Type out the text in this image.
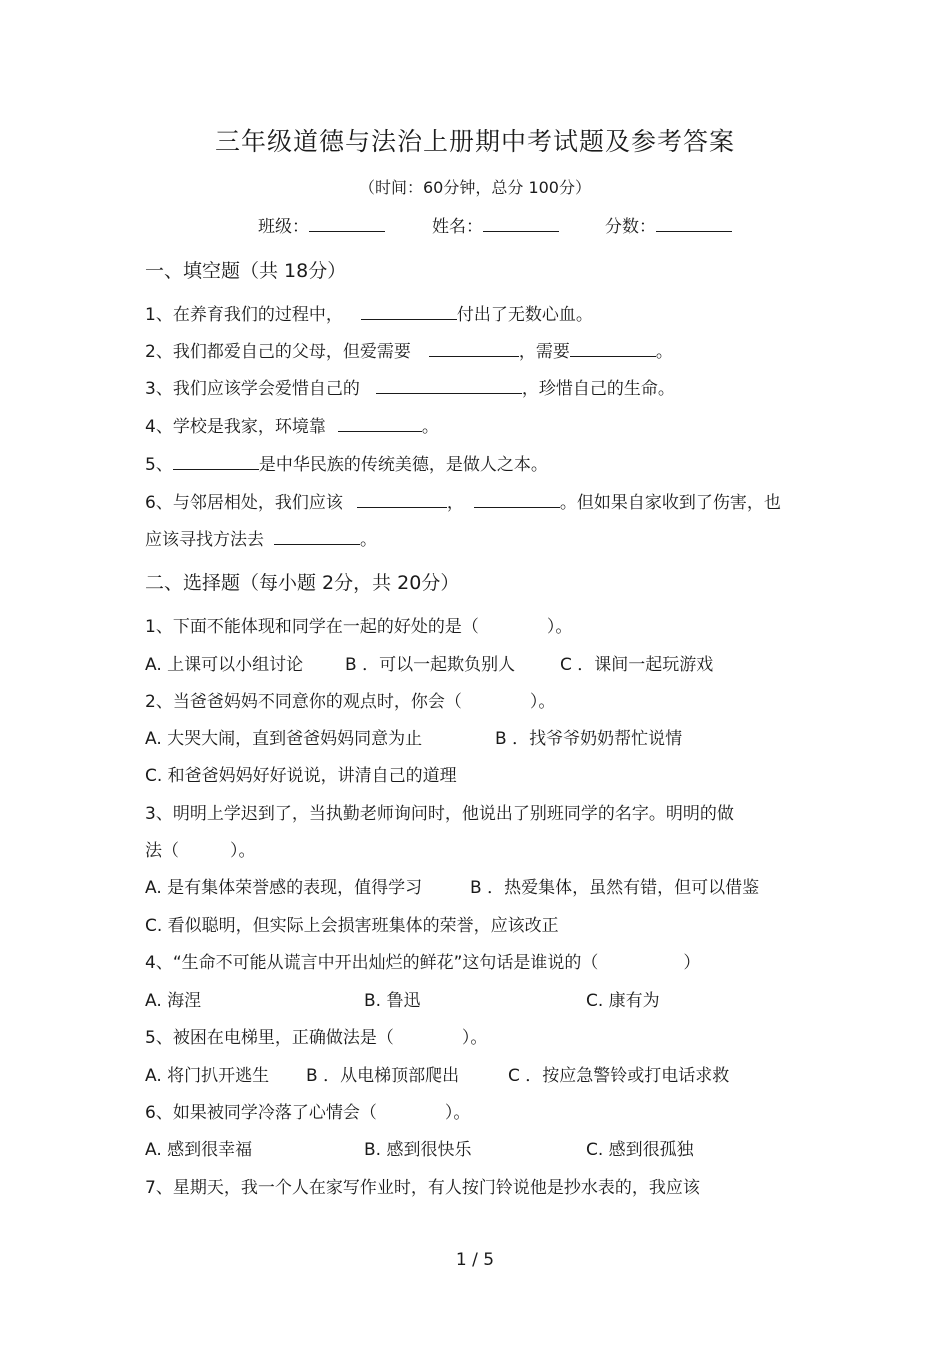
三年级道德与法治上册期中考试题及参考答案
（时间：60分钟，总分 100分）
班级：	姓名：	分数：
一、填空题（共 18分）
1、在养育我们的过程中，	付出了无数心血。
2、我们都爱自己的父母，但爱需要	，需要	。
3、我们应该学会爱惜自己的	，珍惜自己的生命。
4、学校是我家，环境靠	。
5、	是中华民族的传统美德，是做人之本。
6、与邻居相处，我们应该	，	。但如果自家收到了伤害，也
应该寻找方法去	。
二、选择题（每小题 2分，共 20分）
1、下面不能体现和同学在一起的好处的是（　　　　）。
A. 上课可以小组讨论 B ．可以一起欺负别人	C ．课间一起玩游戏
2、当爸爸妈妈不同意你的观点时，你会（　　　　）。
A. 大哭大闹，直到爸爸妈妈同意为止	B ．找爷爷奶奶帮忙说情
C. 和爸爸妈妈好好说说，讲清自己的道理
3、明明上学迟到了，当执勤老师询问时，他说出了别班同学的名字。明明的做
法（　　　）。
A. 是有集体荣誉感的表现，值得学习	B ．热爱集体，虽然有错，但可以借鉴
C. 看似聪明，但实际上会损害班集体的荣誉，应该改正
4、“生命不可能从谎言中开出灿烂的鲜花”这句话是谁说的（　　　　　）
A. 海涅	B. 鲁迅	C. 康有为
5、被困在电梯里，正确做法是（　　　　）。
A. 将门扒开逃生 B ．从电梯顶部爬出	C ．按应急警铃或打电话求救
6、如果被同学冷落了心情会（　　　　）。
A. 感到很幸福	B. 感到很快乐	C. 感到很孤独
7、星期天，我一个人在家写作业时，有人按门铃说他是抄水表的，我应该
1 / 5
